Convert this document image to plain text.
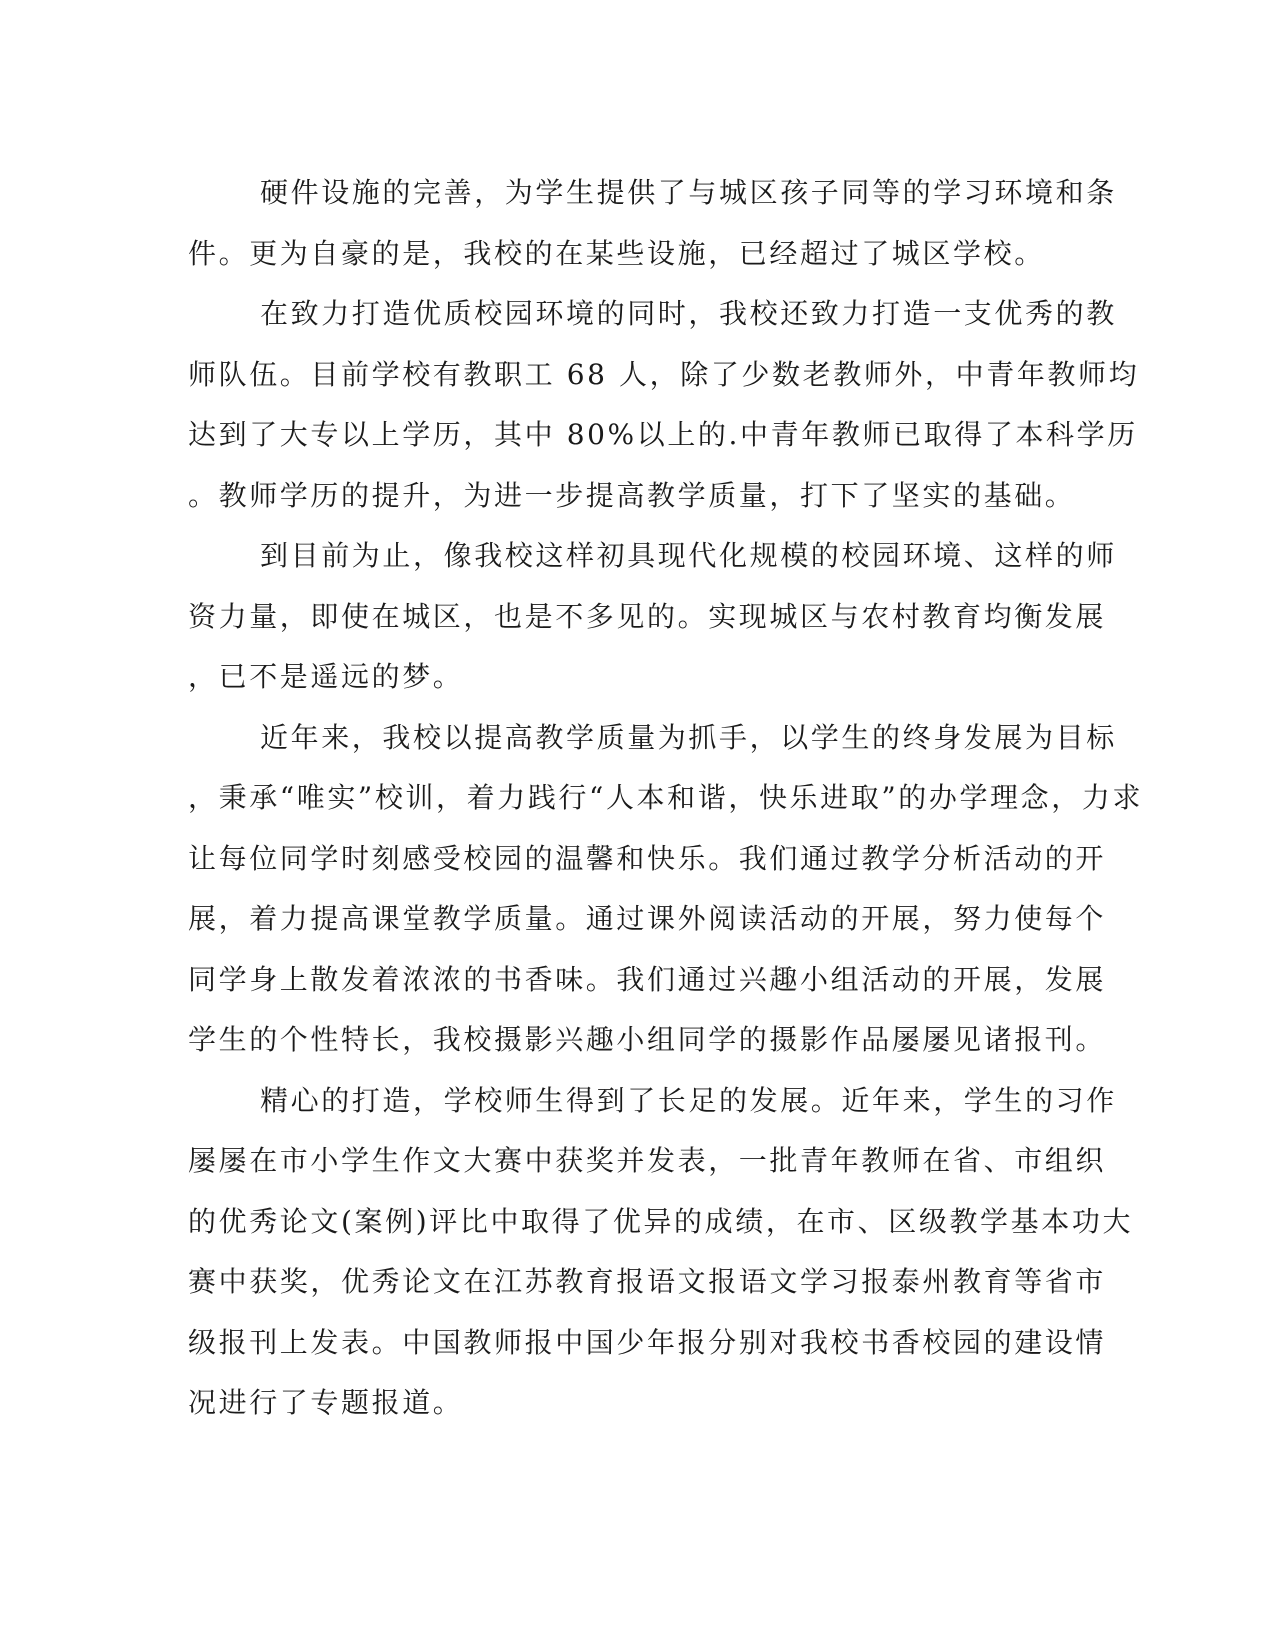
硬件设施的完善，为学生提供了与城区孩子同等的学习环境和条
件。更为自豪的是，我校的在某些设施，已经超过了城区学校。
在致力打造优质校园环境的同时，我校还致力打造一支优秀的教
师队伍。目前学校有教职工 68 人，除了少数老教师外，中青年教师均
达到了大专以上学历，其中 80%以上的.中青年教师已取得了本科学历
。教师学历的提升，为进一步提高教学质量，打下了坚实的基础。
到目前为止，像我校这样初具现代化规模的校园环境、这样的师
资力量，即使在城区，也是不多见的。实现城区与农村教育均衡发展
，已不是遥远的梦。
近年来，我校以提高教学质量为抓手，以学生的终身发展为目标
，秉承“唯实”校训，着力践行“人本和谐，快乐进取”的办学理念，力求
让每位同学时刻感受校园的温馨和快乐。我们通过教学分析活动的开
展，着力提高课堂教学质量。通过课外阅读活动的开展，努力使每个
同学身上散发着浓浓的书香味。我们通过兴趣小组活动的开展，发展
学生的个性特长，我校摄影兴趣小组同学的摄影作品屡屡见诸报刊。
精心的打造，学校师生得到了长足的发展。近年来，学生的习作
屡屡在市小学生作文大赛中获奖并发表，一批青年教师在省、市组织
的优秀论文(案例)评比中取得了优异的成绩，在市、区级教学基本功大
赛中获奖，优秀论文在江苏教育报语文报语文学习报泰州教育等省市
级报刊上发表。中国教师报中国少年报分别对我校书香校园的建设情
况进行了专题报道。
